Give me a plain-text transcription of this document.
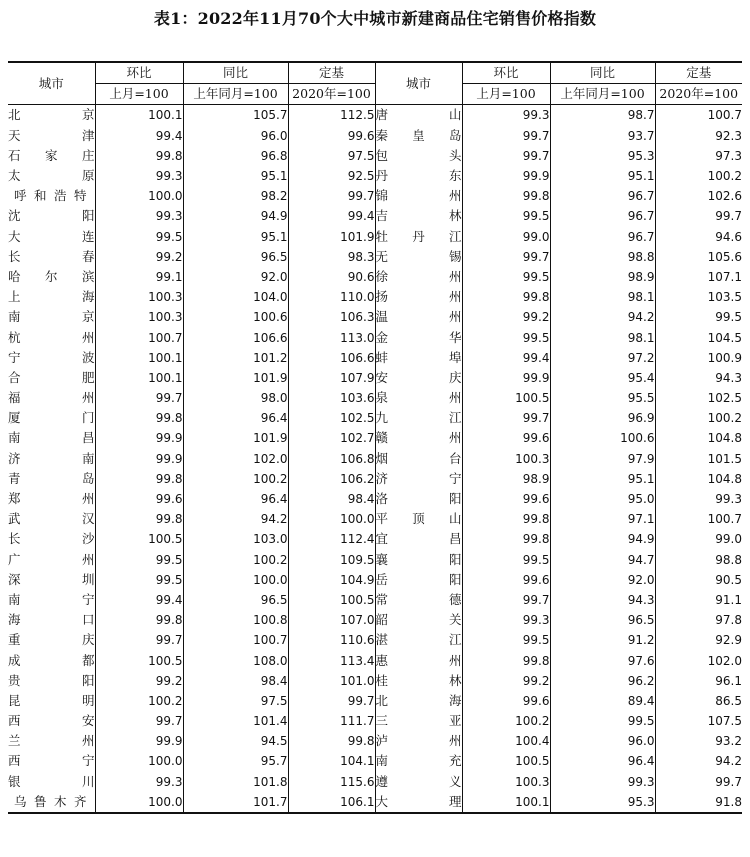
表1：2022年11月70个大中城市新建商品住宅销售价格指数
城市	环比	同比	定基	城市	环比	同比	定基
	上月=100	上年同月=100	2020年=100		上月=100	上年同月=100	2020年=100
北京	100.1	105.7	112.5	唐山	99.3	98.7	100.7
天津	99.4	96.0	99.6	秦皇岛	99.7	93.7	92.3
石家庄	99.8	96.8	97.5	包头	99.7	95.3	97.3
太原	99.3	95.1	92.5	丹东	99.9	95.1	100.2
呼和浩特	100.0	98.2	99.7	锦州	99.8	96.7	102.6
沈阳	99.3	94.9	99.4	吉林	99.5	96.7	99.7
大连	99.5	95.1	101.9	牡丹江	99.0	96.7	94.6
长春	99.2	96.5	98.3	无锡	99.7	98.8	105.6
哈尔滨	99.1	92.0	90.6	徐州	99.5	98.9	107.1
上海	100.3	104.0	110.0	扬州	99.8	98.1	103.5
南京	100.3	100.6	106.3	温州	99.2	94.2	99.5
杭州	100.7	106.6	113.0	金华	99.5	98.1	104.5
宁波	100.1	101.2	106.6	蚌埠	99.4	97.2	100.9
合肥	100.1	101.9	107.9	安庆	99.9	95.4	94.3
福州	99.7	98.0	103.6	泉州	100.5	95.5	102.5
厦门	99.8	96.4	102.5	九江	99.7	96.9	100.2
南昌	99.9	101.9	102.7	赣州	99.6	100.6	104.8
济南	99.9	102.0	106.8	烟台	100.3	97.9	101.5
青岛	99.8	100.2	106.2	济宁	98.9	95.1	104.8
郑州	99.6	96.4	98.4	洛阳	99.6	95.0	99.3
武汉	99.8	94.2	100.0	平顶山	99.8	97.1	100.7
长沙	100.5	103.0	112.4	宜昌	99.8	94.9	99.0
广州	99.5	100.2	109.5	襄阳	99.5	94.7	98.8
深圳	99.5	100.0	104.9	岳阳	99.6	92.0	90.5
南宁	99.4	96.5	100.5	常德	99.7	94.3	91.1
海口	99.8	100.8	107.0	韶关	99.3	96.5	97.8
重庆	99.7	100.7	110.6	湛江	99.5	91.2	92.9
成都	100.5	108.0	113.4	惠州	99.8	97.6	102.0
贵阳	99.2	98.4	101.0	桂林	99.2	96.2	96.1
昆明	100.2	97.5	99.7	北海	99.6	89.4	86.5
西安	99.7	101.4	111.7	三亚	100.2	99.5	107.5
兰州	99.9	94.5	99.8	泸州	100.4	96.0	93.2
西宁	100.0	95.7	104.1	南充	100.5	96.4	94.2
银川	99.3	101.8	115.6	遵义	100.3	99.3	99.7
乌鲁木齐	100.0	101.7	106.1	大理	100.1	95.3	91.8
